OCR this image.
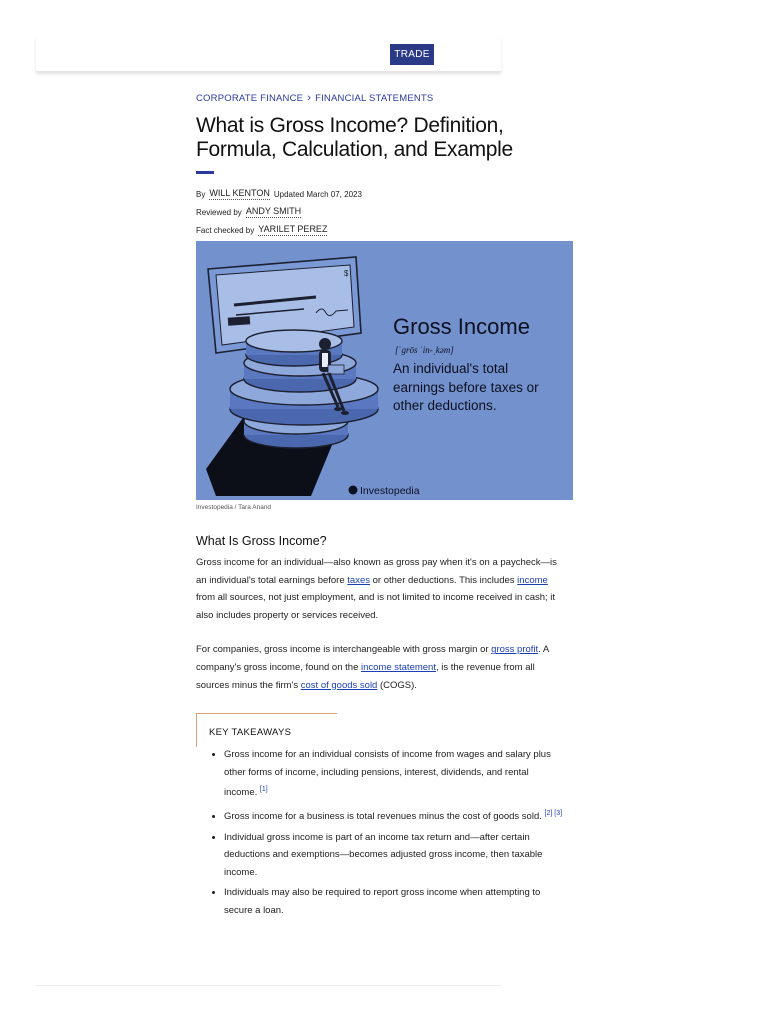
TRADE
CORPORATE FINANCE › FINANCIAL STATEMENTS
What is Gross Income? Definition,
Formula, Calculation, and Example
By WILL KENTON Updated March 07, 2023
Reviewed by ANDY SMITH
Fact checked by YARILET PEREZ
$
Gross Income
[ˈgrōs ˈin-ˌkəm]
An individual's total
earnings before taxes or
other deductions.
Investopedia
Investopedia / Tara Anand
What Is Gross Income?

Gross income for an individual—also known as gross pay when it's on a paycheck—is an individual's total earnings before taxes or other deductions. This includes income from all sources, not just employment, and is not limited to income received in cash; it also includes property or services received.

For companies, gross income is interchangeable with gross margin or gross profit. A company's gross income, found on the income statement, is the revenue from all sources minus the firm's cost of goods sold (COGS).

KEY TAKEAWAYS
• Gross income for an individual consists of income from wages and salary plus other forms of income, including pensions, interest, dividends, and rental income. [1]
• Gross income for a business is total revenues minus the cost of goods sold. [2] [3]
• Individual gross income is part of an income tax return and—after certain deductions and exemptions—becomes adjusted gross income, then taxable income.
• Individuals may also be required to report gross income when attempting to secure a loan.
